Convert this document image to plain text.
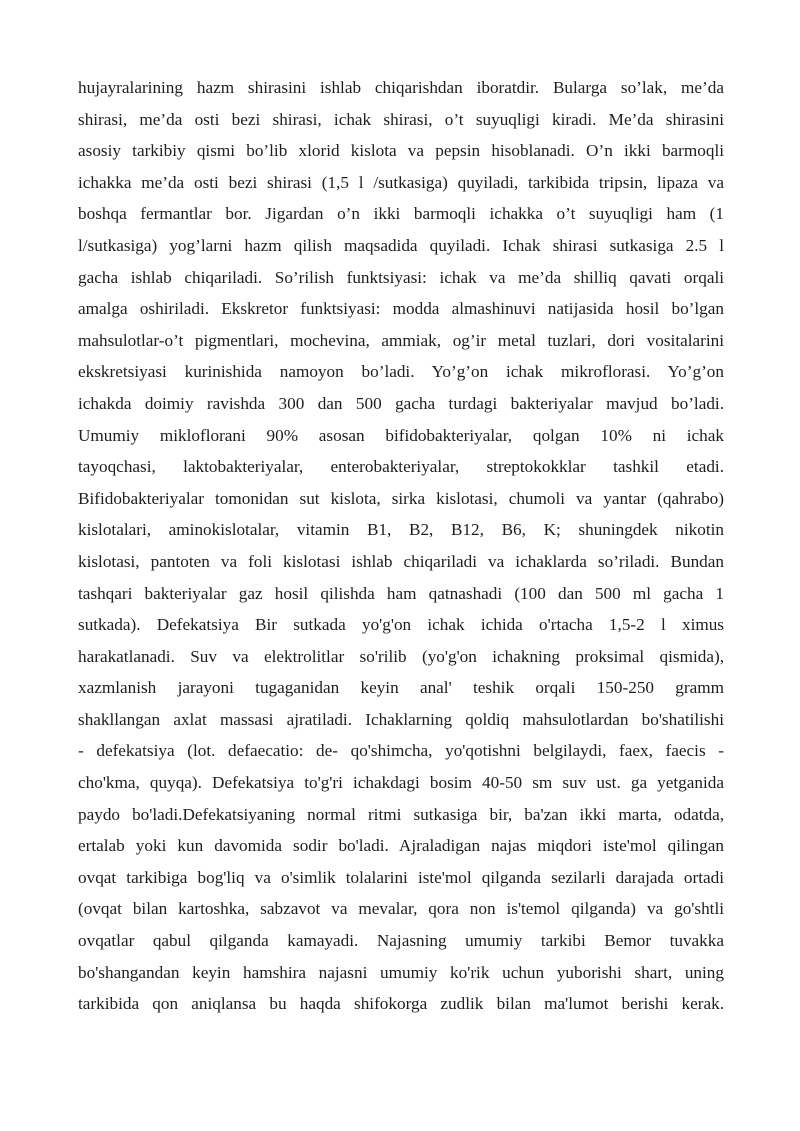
hujayralarining hazm shirasini ishlab chiqarishdan iboratdir. Bularga so’lak, me’da
shirasi, me’da osti bezi shirasi, ichak shirasi, o’t suyuqligi kiradi. Me’da shirasini
asosiy tarkibiy qismi bo’lib xlorid kislota va pepsin hisoblanadi. O’n ikki barmoqli
ichakka me’da osti bezi shirasi (1,5 l /sutkasiga) quyiladi, tarkibida tripsin, lipaza va
boshqa fermantlar bor. Jigardan o’n ikki barmoqli ichakka o’t suyuqligi ham (1
l/sutkasiga) yog’larni hazm qilish maqsadida quyiladi. Ichak shirasi sutkasiga 2.5 l
gacha ishlab chiqariladi. So’rilish funktsiyasi: ichak va me’da shilliq qavati orqali
amalga oshiriladi. Ekskretor funktsiyasi: modda almashinuvi natijasida hosil bo’lgan
mahsulotlar-o’t pigmentlari, mochevina, ammiak, og’ir metal tuzlari, dori vositalarini
ekskretsiyasi kurinishida namoyon bo’ladi. Yo’g’on ichak mikroflorasi. Yo’g’on
ichakda doimiy ravishda 300 dan 500 gacha turdagi bakteriyalar mavjud bo’ladi.
Umumiy mikloflorani 90% asosan bifidobakteriyalar, qolgan 10% ni ichak
tayoqchasi, laktobakteriyalar, enterobakteriyalar, streptokokklar tashkil etadi.
Bifidobakteriyalar tomonidan sut kislota, sirka kislotasi, chumoli va yantar (qahrabo)
kislotalari, aminokislotalar, vitamin B1, B2, B12, B6, K; shuningdek nikotin
kislotasi, pantoten va foli kislotasi ishlab chiqariladi va ichaklarda so’riladi. Bundan
tashqari bakteriyalar gaz hosil qilishda ham qatnashadi (100 dan 500 ml gacha 1
sutkada). Defekatsiya Bir sutkada yo'g'on ichak ichida o'rtacha 1,5-2 l ximus
harakatlanadi. Suv va elektrolitlar so'rilib (yo'g'on ichakning proksimal qismida),
xazmlanish jarayoni tugaganidan keyin anal' teshik orqali 150-250 gramm
shakllangan axlat massasi ajratiladi. Ichaklarning qoldiq mahsulotlardan bo'shatilishi
- defekatsiya (lot. defaecatio: de- qo'shimcha, yo'qotishni belgilaydi, faex, faecis -
cho'kma, quyqa). Defekatsiya to'g'ri ichakdagi bosim 40-50 sm suv ust. ga yetganida
paydo bo'ladi.Defekatsiyaning normal ritmi sutkasiga bir, ba'zan ikki marta, odatda,
ertalab yoki kun davomida sodir bo'ladi. Ajraladigan najas miqdori iste'mol qilingan
ovqat tarkibiga bog'liq va o'simlik tolalarini iste'mol qilganda sezilarli darajada ortadi
(ovqat bilan kartoshka, sabzavot va mevalar, qora non is'temol qilganda) va go'shtli
ovqatlar qabul qilganda kamayadi. Najasning umumiy tarkibi Bemor tuvakka
bo'shangandan keyin hamshira najasni umumiy ko'rik uchun yuborishi shart, uning
tarkibida qon aniqlansa bu haqda shifokorga zudlik bilan ma'lumot berishi kerak.
